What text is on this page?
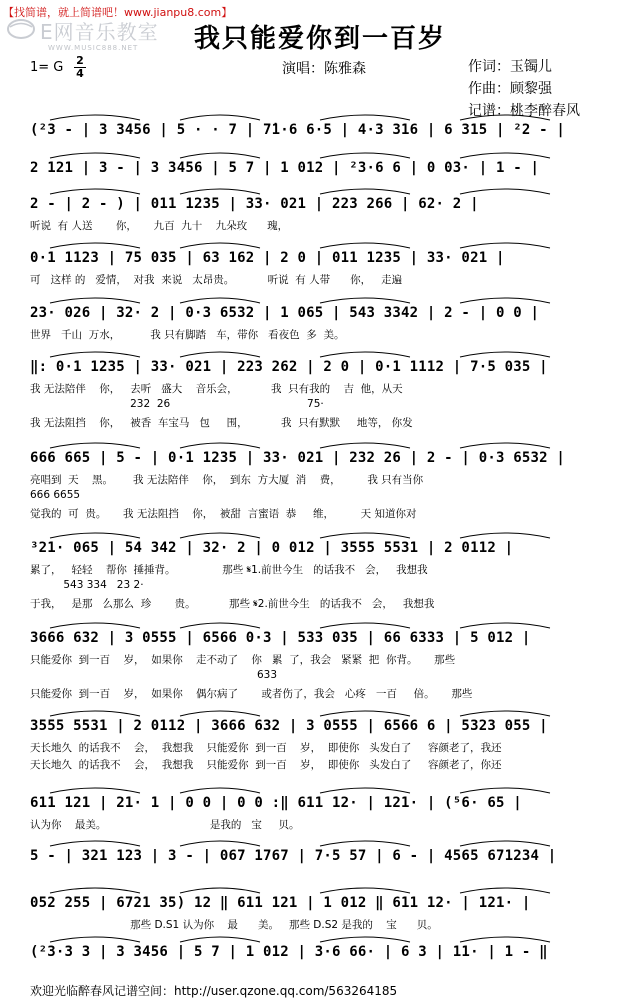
【找简谱，就上简谱吧！www.jianpu8.com】
E网音乐教室
WWW.MUSIC888.NET	我只能爱你到一百岁
1= G 2
4	演唱：陈雅森	作词：玉镯儿
作曲：顾黎强
记谱：桃李醉春风
(²3 - | 3 3456 | 5 · · 7 | 7̇1·6 6·5 | 4·3 316 | 6 315 | ²2 - |
2 121 | 3 - | 3 3456 | 5 7 | 1 012 | ²3·6 6 | 0 03· | 1 - |
2 - | 2 - ) | 011 1235 | 33· 021 | 223 266 | 62· 2 |
听说  有 人送       你，     九百  九十    九朵玫      瑰，
0·1 1123 | 75 035 | 63 162 | 2 0 | 011 1235 | 33· 021 |
可   这样 的   爱情，  对我  来说   太昂贵。          听说  有 人带      你，   走遍
23· 026 | 32· 2 | 0·3 6532 | 1 065 | 543 3342 | 2 - | 0 0 |
世界   千山  万水，         我 只有脚踏   车，带你   看夜色  多  美。
‖: 0·1 1235 | 33· 021 | 223 262 | 2 0 | 0·1 1112 | 7·5 035 |
我 无法陪伴    你，   去听   盛大    音乐会，          我  只有我的    吉  他，从天
232  26                                         75·
我 无法阻挡    你，   被香  车宝马   包     围，          我  只有默默     地等， 你发
666 665 | 5 - | 0·1 1235 | 33· 021 | 232 26 | 2 - | 0·3 6532 |
亮唱到  天    黑。      我 无法陪伴    你，  到东  方大厦  消    费，        我 只有当你
666 6655
觉我的  可  贵。     我 无法阻挡    你，  被甜  言蜜语  恭     维，        天 知道你对
³21· 065 | 54 342 | 32· 2 | 0 012 | 3555 5531 | 2 0112 |
累了，   轻轻    帮你  捶捶背。              那些 𝄋1.前世今生   的话我不   会，   我想我
543 334   23 2·
于我，   是那   么那么  珍       贵。          那些 𝄋2.前世今生   的话我不   会，   我想我
3666 632 | 3 0555 | 6566 0·3 | 533 035 | 66 6333 | 5 012 |
只能爱你  到一百    岁，  如果你    走不动了    你   累  了，我会   紧紧  把  你背。     那些
633
只能爱你  到一百    岁，  如果你    偶尔病了       或者伤了，我会   心疼   一百     倍。     那些
3555 5531 | 2 0112 | 3666 632 | 3 0555 | 6566 6 | 5323 055 |
天长地久  的话我不    会，  我想我    只能爱你  到一百    岁，  即使你   头发白了     容颜老了，我还
天长地久  的话我不    会，  我想我    只能爱你  到一百    岁，  即使你   头发白了     容颜老了，你还
611 121 | 21· 1 | 0 0 | 0 0 :‖ 611 12· | 121· | (⁵6· 65 |
认为你    最美。                               是我的   宝     贝。
5 - | 321 123 | 3 - | 067 1767 | 7·5 57 | 6 - | 4565 671234 |
052 255 | 6721 35) 12 ‖ 611 121 | 1 012 ‖ 611 12· | 121· |
那些 D.S1 认为你    最      美。   那些 D.S2 是我的    宝      贝。
(²3·3 3 | 3 3456 | 5 7 | 1 012 | 3·6 66· | 6 3 | 11· | 1 - ‖
欢迎光临醉春风记谱空间：http://user.qzone.qq.com/563264185
